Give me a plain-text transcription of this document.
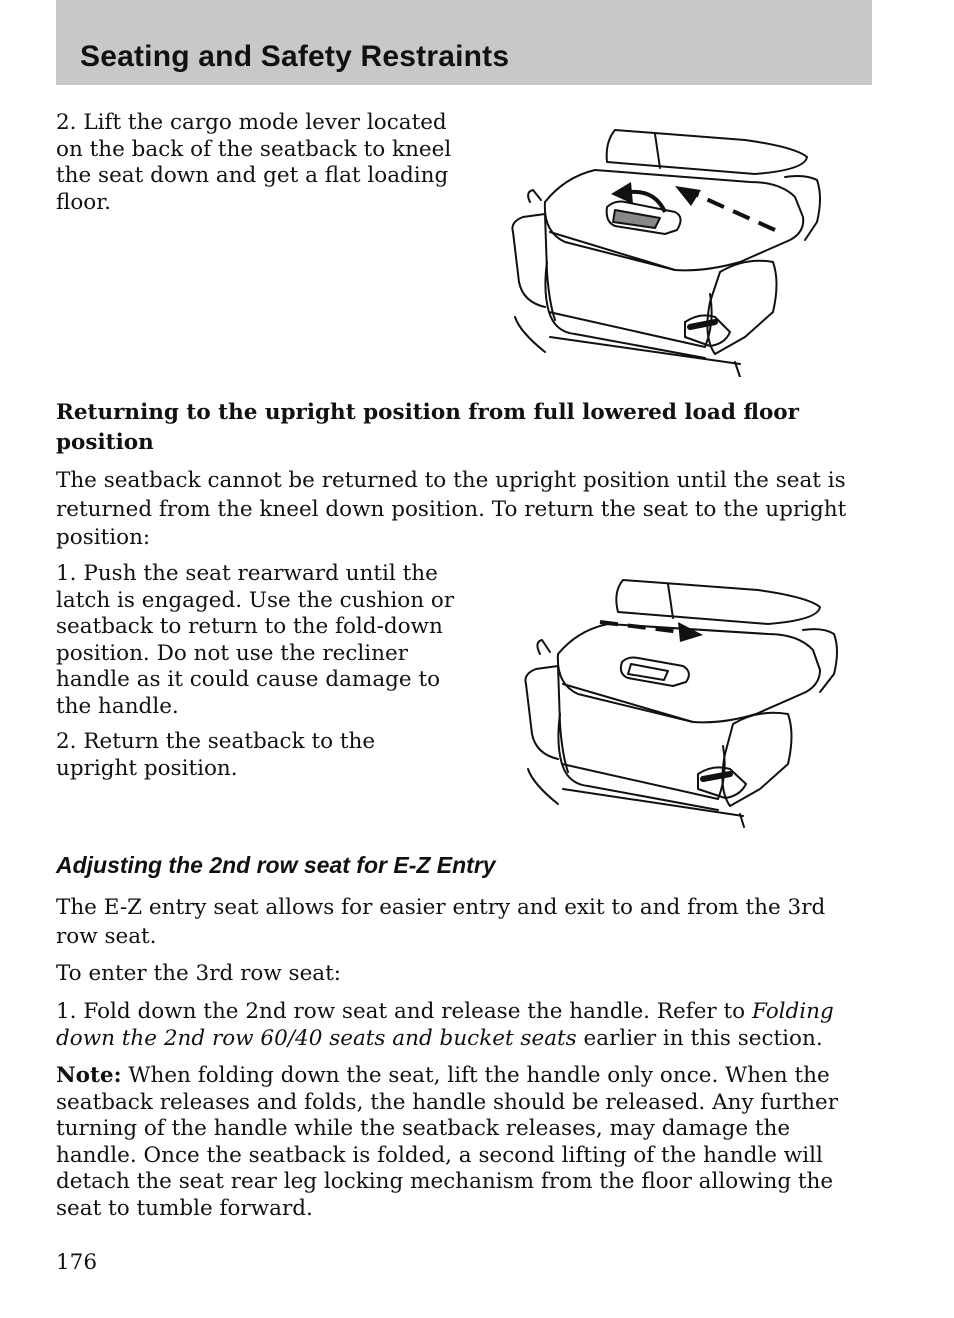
Seating and Safety Restraints

2. Lift the cargo mode lever located on the back of the seatback to kneel the seat down and get a flat loading floor.

Returning to the upright position from full lowered load floor position

The seatback cannot be returned to the upright position until the seat is returned from the kneel down position. To return the seat to the upright position:

1. Push the seat rearward until the latch is engaged. Use the cushion or seatback to return to the fold-down position. Do not use the recliner handle as it could cause damage to the handle.

2. Return the seatback to the upright position.

Adjusting the 2nd row seat for E-Z Entry

The E-Z entry seat allows for easier entry and exit to and from the 3rd row seat.

To enter the 3rd row seat:

1. Fold down the 2nd row seat and release the handle. Refer to Folding down the 2nd row 60/40 seats and bucket seats earlier in this section.

Note: When folding down the seat, lift the handle only once. When the seatback releases and folds, the handle should be released. Any further turning of the handle while the seatback releases, may damage the handle. Once the seatback is folded, a second lifting of the handle will detach the seat rear leg locking mechanism from the floor allowing the seat to tumble forward.

176
